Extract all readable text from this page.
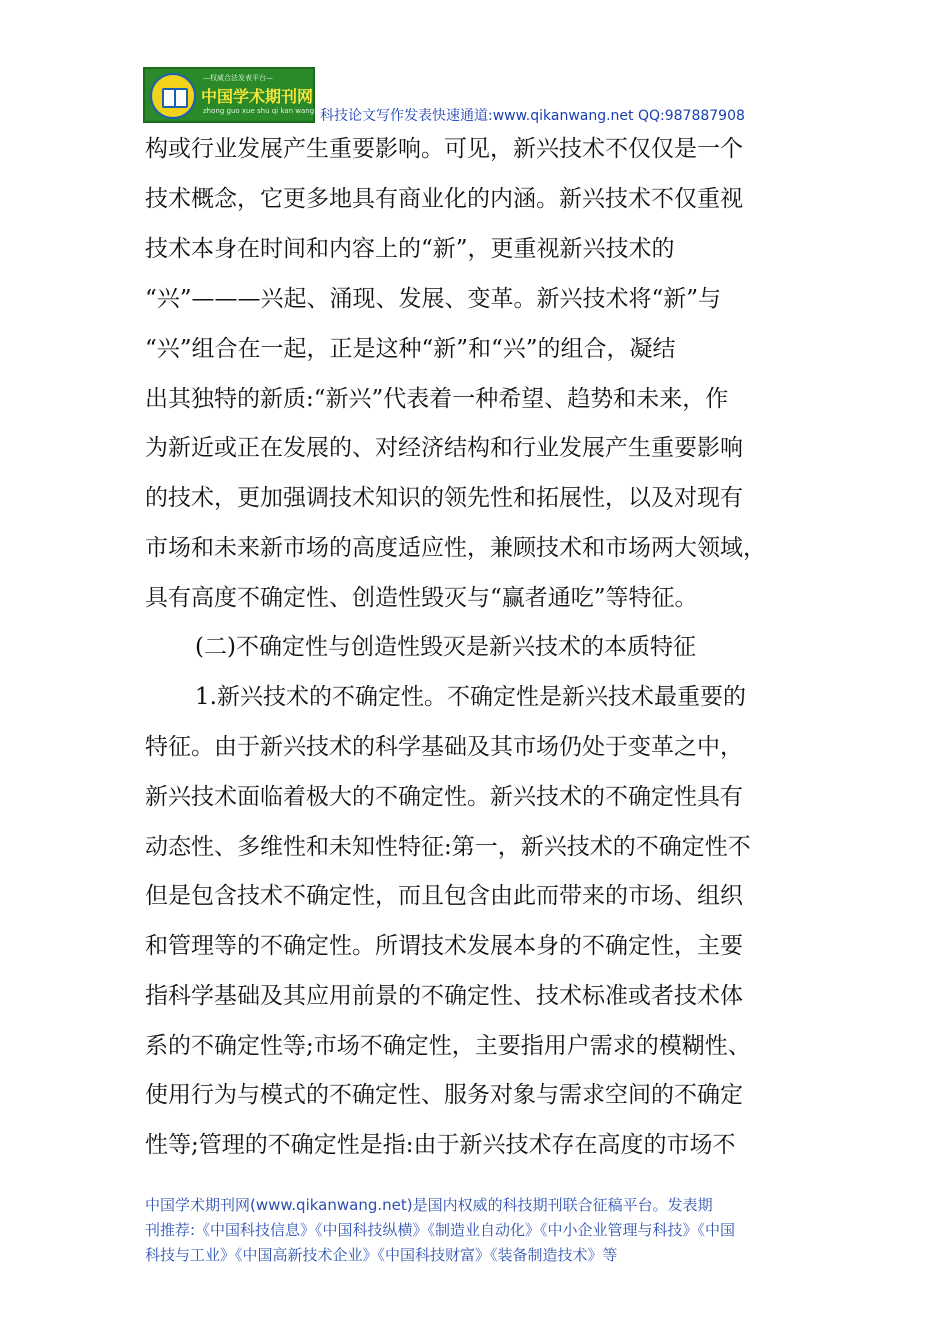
—权威合法发表平台—
中国学术期刊网
zhong guo xue shu qi kan wang 科技论文写作发表快速通道:www.qikanwang.net QQ:987887908
构或行业发展产生重要影响。可见，新兴技术不仅仅是一个
技术概念，它更多地具有商业化的内涵。新兴技术不仅重视
技术本身在时间和内容上的“新”，更重视新兴技术的
“兴”———兴起、涌现、发展、变革。新兴技术将“新”与
“兴”组合在一起，正是这种“新”和“兴”的组合，凝结
出其独特的新质:“新兴”代表着一种希望、趋势和未来，作
为新近或正在发展的、对经济结构和行业发展产生重要影响
的技术，更加强调技术知识的领先性和拓展性，以及对现有
市场和未来新市场的高度适应性，兼顾技术和市场两大领域，
具有高度不确定性、创造性毁灭与“赢者通吃”等特征。
(二)不确定性与创造性毁灭是新兴技术的本质特征
1.新兴技术的不确定性。不确定性是新兴技术最重要的
特征。由于新兴技术的科学基础及其市场仍处于变革之中，
新兴技术面临着极大的不确定性。新兴技术的不确定性具有
动态性、多维性和未知性特征:第一，新兴技术的不确定性不
但是包含技术不确定性，而且包含由此而带来的市场、组织
和管理等的不确定性。所谓技术发展本身的不确定性，主要
指科学基础及其应用前景的不确定性、技术标准或者技术体
系的不确定性等;市场不确定性，主要指用户需求的模糊性、
使用行为与模式的不确定性、服务对象与需求空间的不确定
性等;管理的不确定性是指:由于新兴技术存在高度的市场不
中国学术期刊网(www.qikanwang.net)是国内权威的科技期刊联合征稿平台。发表期
刊推荐:《中国科技信息》《中国科技纵横》《制造业自动化》《中小企业管理与科技》《中国
科技与工业》《中国高新技术企业》《中国科技财富》《装备制造技术》等
